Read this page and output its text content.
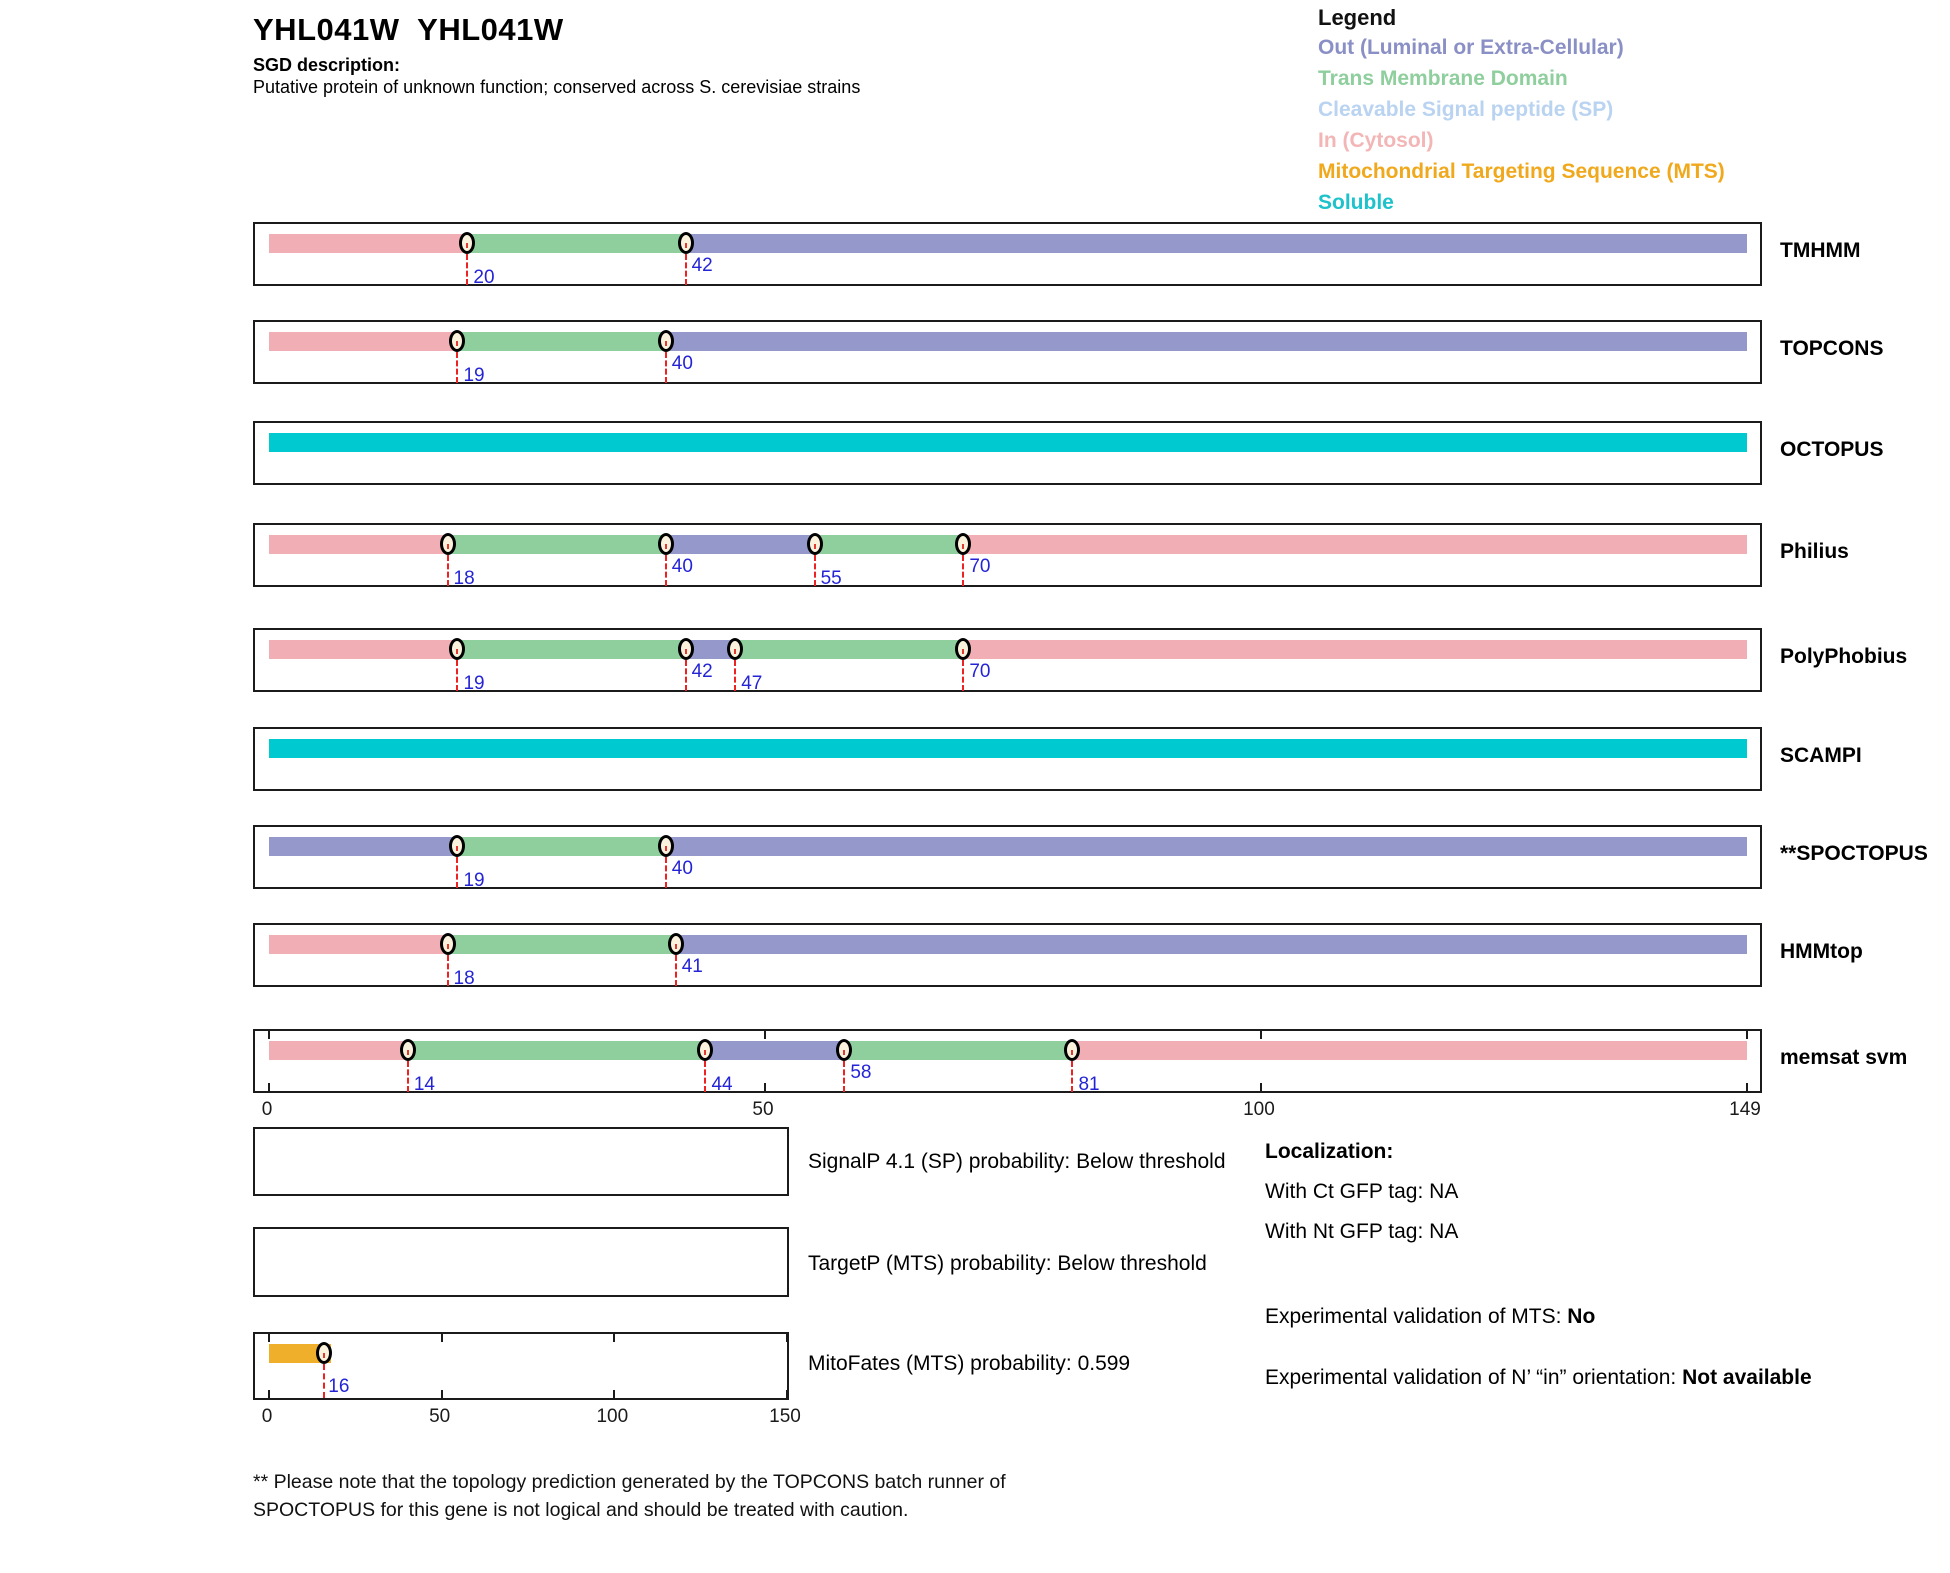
YHL041W  YHL041W
SGD description:
Putative protein of unknown function; conserved across S. cerevisiae strains
Legend
Out (Luminal or Extra-Cellular)
Trans Membrane Domain
Cleavable Signal peptide (SP)
In (Cytosol)
Mitochondrial Targeting Sequence (MTS)
Soluble
20
42
TMHMM
19
40
TOPCONS
OCTOPUS
18
40
55
70
Philius
19
42
47
70
PolyPhobius
SCAMPI
19
40
**SPOCTOPUS
18
41
HMMtop
14	44
58
81
0	50	100	149
memsat svm
16
0	50	100	150
SignalP 4.1 (SP) probability: Below threshold
TargetP (MTS) probability: Below threshold
MitoFates (MTS) probability: 0.599
Localization:
With Ct GFP tag: NA
With Nt GFP tag: NA
Experimental validation of MTS: No
Experimental validation of N’ “in” orientation: Not available
** Please note that the topology prediction generated by the TOPCONS batch runner of SPOCTOPUS for this gene is not logical and should be treated with caution.
